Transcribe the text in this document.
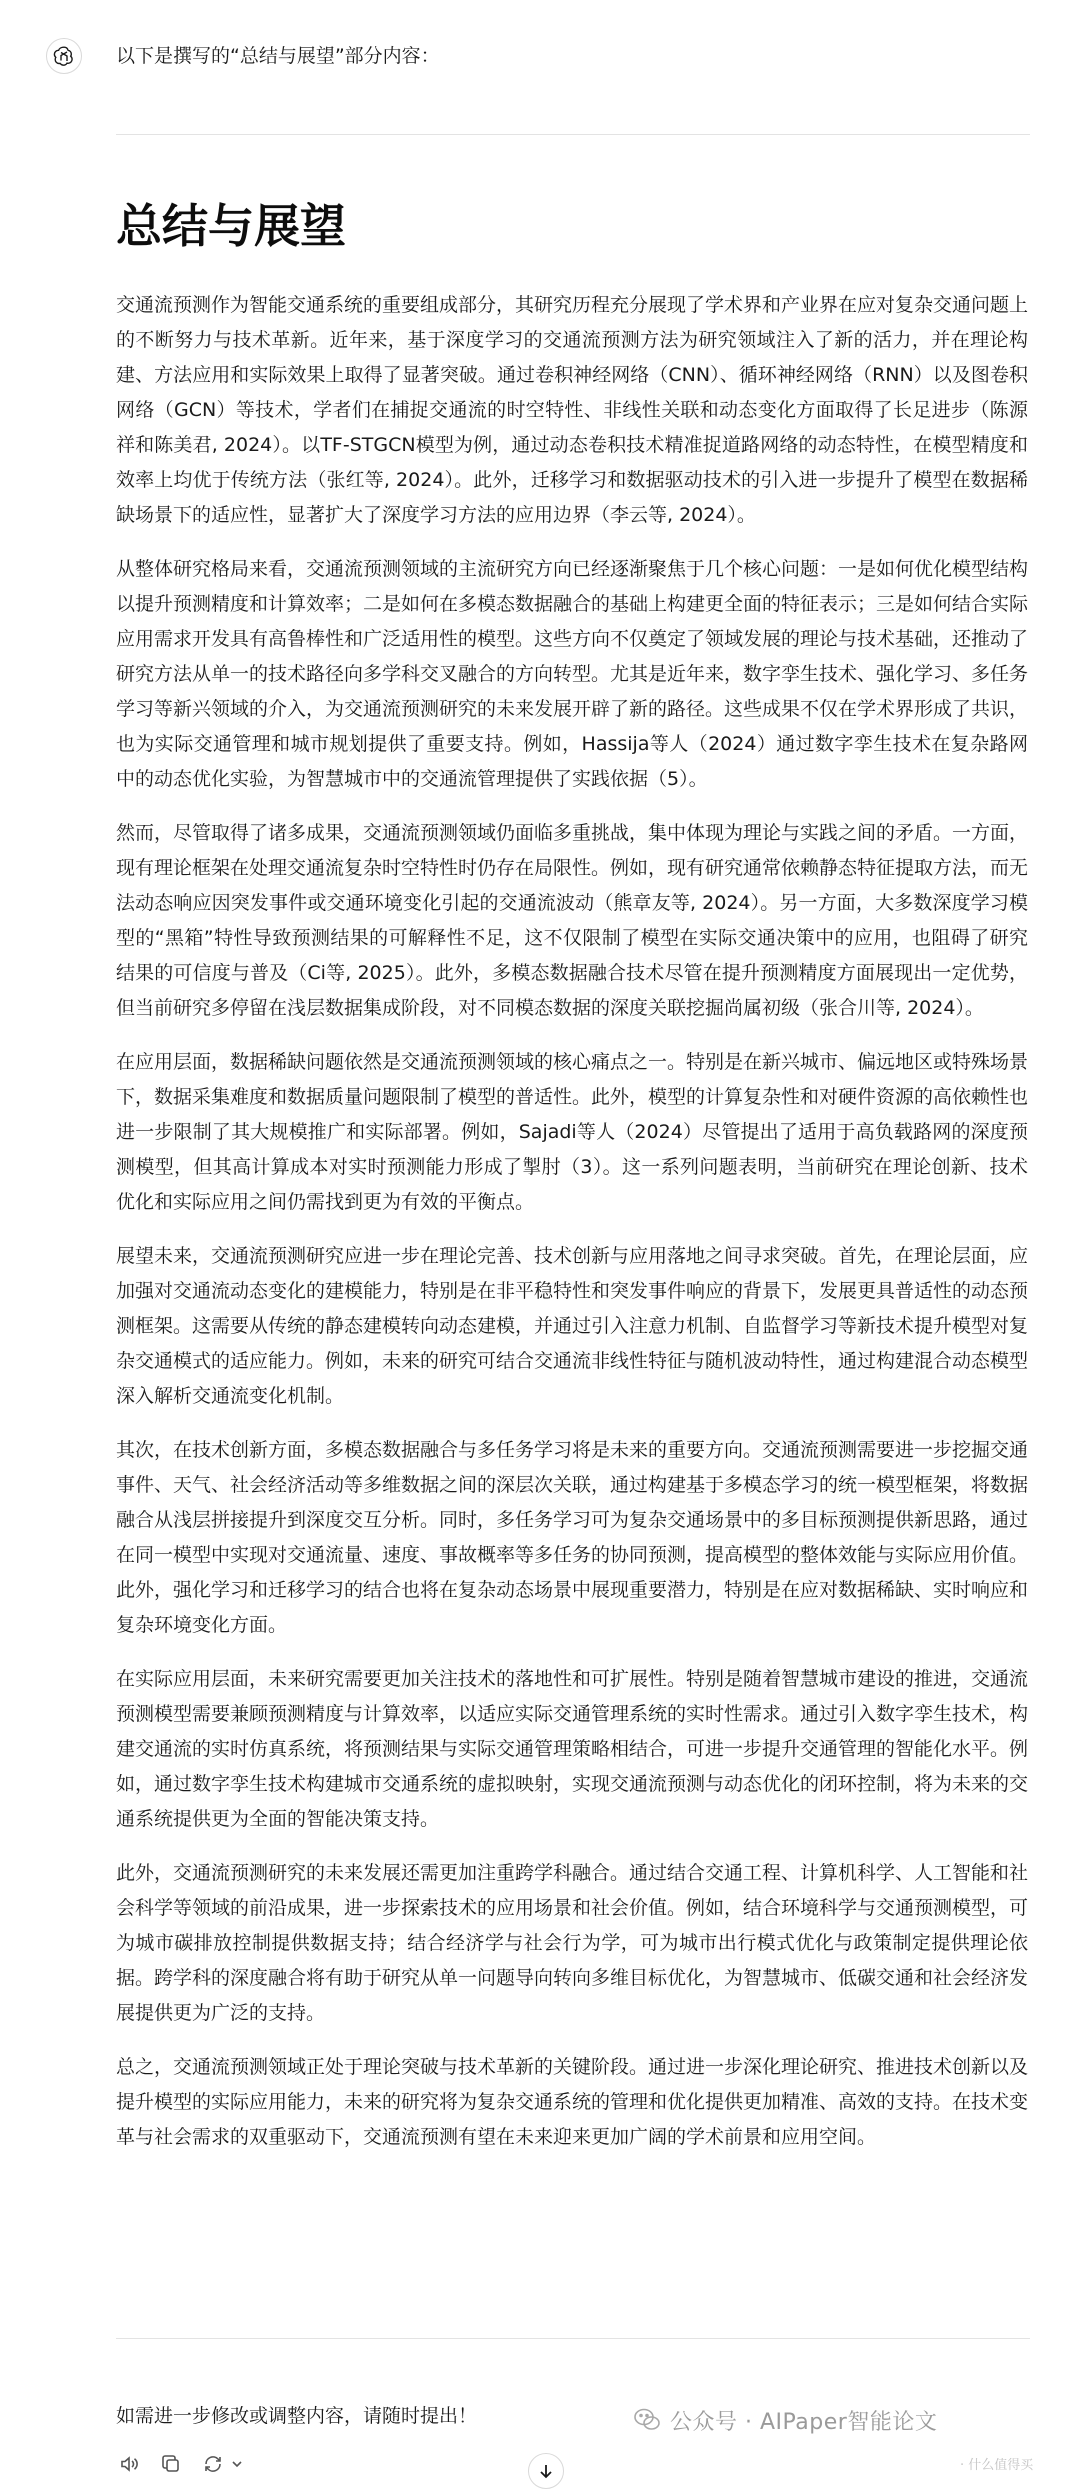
以下是撰写的“总结与展望”部分内容：
总结与展望

交通流预测作为智能交通系统的重要组成部分，其研究历程充分展现了学术界和产业界在应对复杂交通问题上的不断努力与技术革新。近年来，基于深度学习的交通流预测方法为研究领域注入了新的活力，并在理论构建、方法应用和实际效果上取得了显著突破。通过卷积神经网络（CNN）、循环神经网络（RNN）以及图卷积网络（GCN）等技术，学者们在捕捉交通流的时空特性、非线性关联和动态变化方面取得了长足进步（陈源祥和陈美君, 2024）。以TF-STGCN模型为例，通过动态卷积技术精准捉道路网络的动态特性，在模型精度和效率上均优于传统方法（张红等, 2024）。此外，迁移学习和数据驱动技术的引入进一步提升了模型在数据稀缺场景下的适应性，显著扩大了深度学习方法的应用边界（李云等, 2024）。

从整体研究格局来看，交通流预测领域的主流研究方向已经逐渐聚焦于几个核心问题：一是如何优化模型结构以提升预测精度和计算效率；二是如何在多模态数据融合的基础上构建更全面的特征表示；三是如何结合实际应用需求开发具有高鲁棒性和广泛适用性的模型。这些方向不仅奠定了领域发展的理论与技术基础，还推动了研究方法从单一的技术路径向多学科交叉融合的方向转型。尤其是近年来，数字孪生技术、强化学习、多任务学习等新兴领域的介入，为交通流预测研究的未来发展开辟了新的路径。这些成果不仅在学术界形成了共识，也为实际交通管理和城市规划提供了重要支持。例如，Hassija等人（2024）通过数字孪生技术在复杂路网中的动态优化实验，为智慧城市中的交通流管理提供了实践依据（5）。

然而，尽管取得了诸多成果，交通流预测领域仍面临多重挑战，集中体现为理论与实践之间的矛盾。一方面，现有理论框架在处理交通流复杂时空特性时仍存在局限性。例如，现有研究通常依赖静态特征提取方法，而无法动态响应因突发事件或交通环境变化引起的交通流波动（熊章友等, 2024）。另一方面，大多数深度学习模型的“黑箱”特性导致预测结果的可解释性不足，这不仅限制了模型在实际交通决策中的应用，也阻碍了研究结果的可信度与普及（Ci等, 2025）。此外，多模态数据融合技术尽管在提升预测精度方面展现出一定优势，但当前研究多停留在浅层数据集成阶段，对不同模态数据的深度关联挖掘尚属初级（张合川等, 2024）。

在应用层面，数据稀缺问题依然是交通流预测领域的核心痛点之一。特别是在新兴城市、偏远地区或特殊场景下，数据采集难度和数据质量问题限制了模型的普适性。此外，模型的计算复杂性和对硬件资源的高依赖性也进一步限制了其大规模推广和实际部署。例如，Sajadi等人（2024）尽管提出了适用于高负载路网的深度预测模型，但其高计算成本对实时预测能力形成了掣肘（3）。这一系列问题表明，当前研究在理论创新、技术优化和实际应用之间仍需找到更为有效的平衡点。

展望未来，交通流预测研究应进一步在理论完善、技术创新与应用落地之间寻求突破。首先，在理论层面，应加强对交通流动态变化的建模能力，特别是在非平稳特性和突发事件响应的背景下，发展更具普适性的动态预测框架。这需要从传统的静态建模转向动态建模，并通过引入注意力机制、自监督学习等新技术提升模型对复杂交通模式的适应能力。例如，未来的研究可结合交通流非线性特征与随机波动特性，通过构建混合动态模型深入解析交通流变化机制。

其次，在技术创新方面，多模态数据融合与多任务学习将是未来的重要方向。交通流预测需要进一步挖掘交通事件、天气、社会经济活动等多维数据之间的深层次关联，通过构建基于多模态学习的统一模型框架，将数据融合从浅层拼接提升到深度交互分析。同时，多任务学习可为复杂交通场景中的多目标预测提供新思路，通过在同一模型中实现对交通流量、速度、事故概率等多任务的协同预测，提高模型的整体效能与实际应用价值。此外，强化学习和迁移学习的结合也将在复杂动态场景中展现重要潜力，特别是在应对数据稀缺、实时响应和复杂环境变化方面。

在实际应用层面，未来研究需要更加关注技术的落地性和可扩展性。特别是随着智慧城市建设的推进，交通流预测模型需要兼顾预测精度与计算效率，以适应实际交通管理系统的实时性需求。通过引入数字孪生技术，构建交通流的实时仿真系统，将预测结果与实际交通管理策略相结合，可进一步提升交通管理的智能化水平。例如，通过数字孪生技术构建城市交通系统的虚拟映射，实现交通流预测与动态优化的闭环控制，将为未来的交通系统提供更为全面的智能决策支持。

此外，交通流预测研究的未来发展还需更加注重跨学科融合。通过结合交通工程、计算机科学、人工智能和社会科学等领域的前沿成果，进一步探索技术的应用场景和社会价值。例如，结合环境科学与交通预测模型，可为城市碳排放控制提供数据支持；结合经济学与社会行为学，可为城市出行模式优化与政策制定提供理论依据。跨学科的深度融合将有助于研究从单一问题导向转向多维目标优化，为智慧城市、低碳交通和社会经济发展提供更为广泛的支持。

总之，交通流预测领域正处于理论突破与技术革新的关键阶段。通过进一步深化理论研究、推进技术创新以及提升模型的实际应用能力，未来的研究将为复杂交通系统的管理和优化提供更加精准、高效的支持。在技术变革与社会需求的双重驱动下，交通流预测有望在未来迎来更加广阔的学术前景和应用空间。

如需进一步修改或调整内容，请随时提出！	公众号 · AIPaper智能论文
· 什么值得买
